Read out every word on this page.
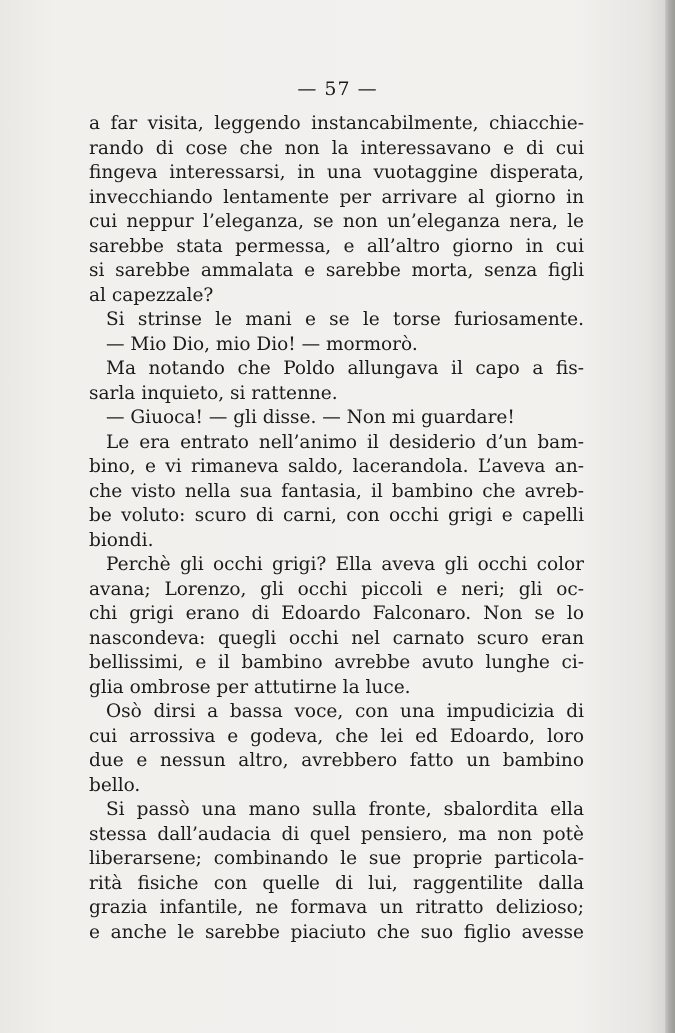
— 57 —
a far visita, leggendo instancabilmente, chiacchie-
rando di cose che non la interessavano e di cui
fingeva interessarsi, in una vuotaggine disperata,
invecchiando lentamente per arrivare al giorno in
cui neppur l’eleganza, se non un’eleganza nera, le
sarebbe stata permessa, e all’altro giorno in cui
si sarebbe ammalata e sarebbe morta, senza figli
al capezzale?
Si strinse le mani e se le torse furiosamente.
— Mio Dio, mio Dio! — mormorò.
Ma notando che Poldo allungava il capo a fis-
sarla inquieto, si rattenne.
— Giuoca! — gli disse. — Non mi guardare!
Le era entrato nell’animo il desiderio d’un bam-
bino, e vi rimaneva saldo, lacerandola. L’aveva an-
che visto nella sua fantasia, il bambino che avreb-
be voluto: scuro di carni, con occhi grigi e capelli
biondi.
Perchè gli occhi grigi? Ella aveva gli occhi color
avana; Lorenzo, gli occhi piccoli e neri; gli oc-
chi grigi erano di Edoardo Falconaro. Non se lo
nascondeva: quegli occhi nel carnato scuro eran
bellissimi, e il bambino avrebbe avuto lunghe ci-
glia ombrose per attutirne la luce.
Osò dirsi a bassa voce, con una impudicizia di
cui arrossiva e godeva, che lei ed Edoardo, loro
due e nessun altro, avrebbero fatto un bambino
bello.
Si passò una mano sulla fronte, sbalordita ella
stessa dall’audacia di quel pensiero, ma non potè
liberarsene; combinando le sue proprie particola-
rità fisiche con quelle di lui, raggentilite dalla
grazia infantile, ne formava un ritratto delizioso;
e anche le sarebbe piaciuto che suo figlio avesse
